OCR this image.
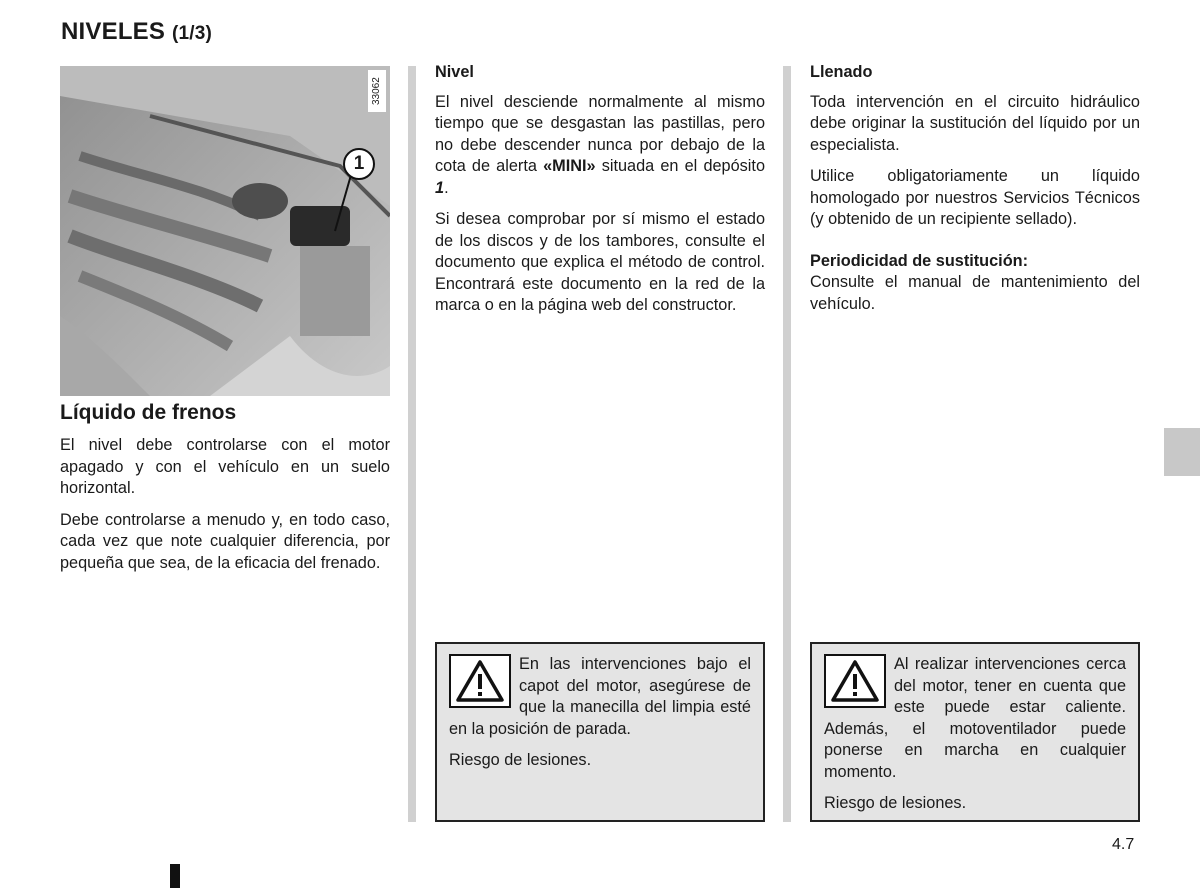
NIVELES (1/3)
33062
1
Líquido de frenos

El nivel debe controlarse con el motor apagado y con el vehículo en un suelo horizontal.

Debe controlarse a menudo y, en todo caso, cada vez que note cualquier diferencia, por pequeña que sea, de la eficacia del frenado.

Nivel

El nivel desciende normalmente al mismo tiempo que se desgastan las pastillas, pero no debe descender nunca por debajo de la cota de alerta «MINI» situada en el depósito 1.

Si desea comprobar por sí mismo el estado de los discos y de los tambores, consulte el documento que explica el método de control. Encontrará este documento en la red de la marca o en la página web del constructor.

Llenado

Toda intervención en el circuito hidráulico debe originar la sustitución del líquido por un especialista.

Utilice obligatoriamente un líquido homologado por nuestros Servicios Técnicos (y obtenido de un recipiente sellado).

Periodicidad de sustitución:

Consulte el manual de mantenimiento del vehículo.

En las intervenciones bajo el capot del motor, asegúrese de que la manecilla del limpia esté en la posición de parada.
Riesgo de lesiones.
Al realizar intervenciones cerca del motor, tener en cuenta que este puede estar caliente. Además, el motoventilador puede ponerse en marcha en cualquier momento.
Riesgo de lesiones.
4.7
